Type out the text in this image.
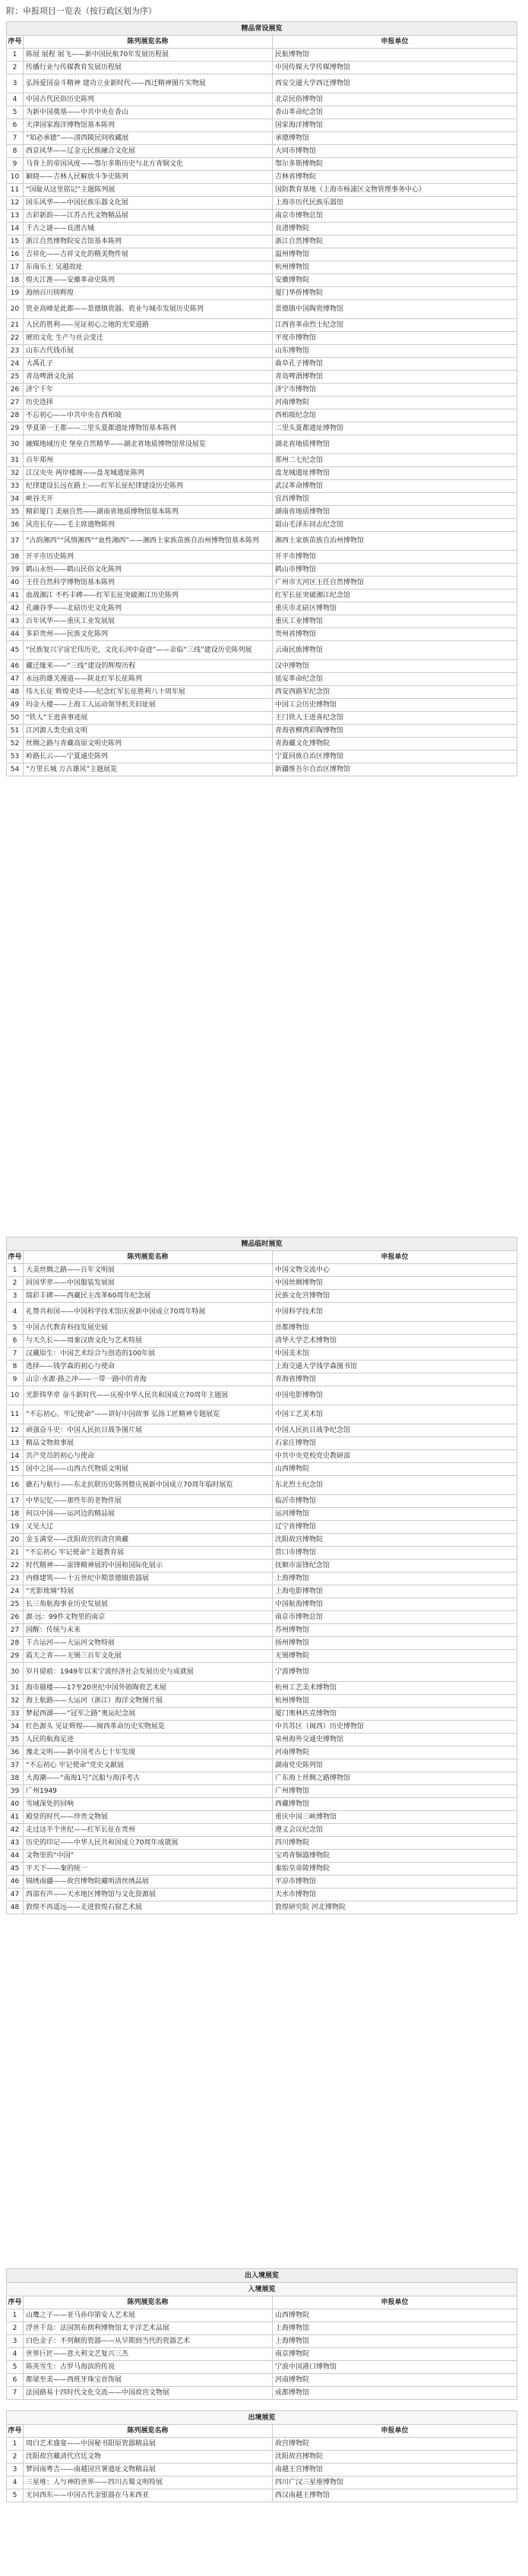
附：申报项目一览表（按行政区划为序）
精品常设展览		
序号	陈列展览名称	申报单位
1	陈展 展程 展飞——新中国民航70年发展历程展	民航博物馆
2	传播行业与传媒教育发展历程展	中国传媒大学传媒博物馆
3	弘扬爱国奋斗精神 建功立业新时代——西迁精神图片实物展	西安交通大学西迁博物馆
4	中国古代民俗历史陈列	北京民俗博物馆
5	为新中国奠基——中共中央在香山	香山革命纪念馆
6	天津国家海洋博物馆基本陈列	国家海洋博物馆
7	“知必承德”——清西陵民间收藏展	承德博物馆
8	西京风华——辽金元民族融合文化展	大同市博物馆
9	马背上的帝国风度——鄂尔多斯历史与北方青铜文化	鄂尔多斯博物院
10	颖晓——吉林人民解放斗争史陈列	吉林省博物院
11	“国耻从这里铭记”主题陈列展	国防教育基地（上海市杨浦区文物管理事务中心）
12	国乐风华——中国民族乐器文化展	上海市历代民族乐器馆
13	古彩新韵——江苏古代文物精品展	南京市博物总馆
14	千古之谜——良渚古城	良渚博物院
15	浙江自然博物院安吉馆基本陈列	浙江自然博物院
16	吉祥化——吉祥文化的精美物件展	温州博物馆
17	东南乐土 吴越故址	杭州博物馆
18	煌火江淮——安徽革命史陈列	安徽博物院
19	海纳百川铸辉煌	厦门华侨博物院
20	瓷业高峰是此都——景德镇瓷器、瓷业与城市发展历史陈列	景德镇中国陶瓷博物馆
21	人民的胜利——见证初心之地的光荣道路	江西省革命烈士纪念馆
22	琥珀文化 生产与社会变迁	平度市博物馆
23	山东古代钱币展	山东博物馆
24	大禹孔子	曲阜孔子博物馆
25	青岛啤酒文化展	青岛啤酒博物馆
26	济宁千年	济宁市博物馆
27	历史选择	河南博物院
28	不忘初心——中共中央在西柏坡	西柏坡纪念馆
29	华夏第一王都——二里头夏都遗址博物馆基本陈列	二里头夏都遗址博物馆
30	融媒地域历史 堡垒自然精华——湖北省地质博物馆常设展览	湖北省地质博物馆
31	百年郑州	郑州二七纪念馆
32	江汉央央 两岸楼阁——盘龙城遗址陈列	盘龙城遗址博物馆
33	纪律建设长远在路上——红军长征纪律建设历史陈列	武汉革命博物馆
34	峡谷天开	宜昌博物馆
35	精彩厦门 美丽自然——湖南省地质博物馆基本陈列	湖南省地质博物馆
36	风范长存——毛主席遗物陈列	韶山毛泽东同志纪念馆
37	“古韵湘西”“风情湘西”“血性湘西”——湘西土家族苗族自治州博物馆基本陈列	湘西土家族苗族自治州博物馆
38	开平市历史陈列	开平市博物馆
39	鹤山永恒——鹤山民俗文化陈列	鹤山市博物馆
40	王任自然科学博物馆基本陈列	广州市天河区王任自然博物馆
41	血战湘江 不朽丰碑——红军长征突破湘江历史陈列	红军长征突破湘江纪念馆
42	孔融谷季——北碚历史文化陈列	重庆市北碚区博物馆
43	百年风华——重庆工业发展展	重庆工业博物馆
44	多彩贵州——民族文化陈列	贵州省博物馆
45	“民族复兴宇宙宏伟历史，文化长河中奋进”——亲临“三线”建设历史陈列展	云南民族博物馆
46	藏迁缘来——“三线”建设的辉煌历程	汉中博物馆
47	永远的雄关漫道——陕北红军长征陈列	延安革命纪念馆
48	伟大长征 辉煌史诗——纪念红军长征胜利八十周年展	西安西路军纪念馆
49	玛金大楼——上海工人运动领导机关旧址展	中国工会历史博物馆
50	“铁人”王进喜事迹展	王门铁人王进喜纪念馆
51	江河源人类史前文明	青海省柳湾彩陶博物馆
52	丝绸之路与青藏高原文明史陈列	青海藏文化博物院
53	岭路长云——宁夏通史陈列	宁夏回族自治区博物馆
54	“万里长城 万古雄风”主题展览	新疆维吾尔自治区博物馆
精品临时展览		
序号	陈列展览名称	申报单位
1	大美丝绸之路——百年文明展	中国文物交流中心
2	回国华章——中国服装发展展	中国丝绸博物馆
3	瑞彩丰碑——西藏民主改革60周年纪念展	民族文化宫博物馆
4	礼赞共和国——中国科学技术馆庆祝新中国成立70周年特展	中国科学技术馆
5	中国古代教育科技发展史展	首都博物馆
6	与天久长——周秦汉唐文化与艺术特展	清华大学艺术博物馆
7	汉藏原生：中国艺术综合与创造的100年展	中国美术馆
8	选择——钱学森的初心与使命	上海交通大学钱学森图书馆
9	山宗·水源·路之冲——一带一路中的青海	青海省博物馆
10	光影铸华章 奋斗新时代——庆祝中华人民共和国成立70周年主题展	中国电影博物馆
11	“不忘初心，牢记使命”——讲好中国故事 弘扬工匠精神专题展览	中国工艺美术馆
12	顽强奋斗史：中国人民抗日战争图片展	中国人民抗日战争纪念馆
13	精品文物故事展	石家庄博物馆
14	共产党员的初心与使命	中共中央党校党史教研部
15	国中之国——山西古代物质文明展	山西博物院
16	礁石与航行——东北抗联历史陈列暨庆祝新中国成立70周年临时展览	东北烈士纪念馆
17	中华记忆——那些年的老物件展	临沂市博物馆
18	何以中国——运河边的精品展	运河博物馆
19	又见大辽	辽宁省博物馆
20	金玉满堂——沈阳故宫的清宫典藏	沈阳故宫博物院
21	“不忘初心 牢记使命”主题教育展	营口市博物馆
22	时代精神——雷锋精神展的中国和国际化展示	抚顺市雷锋纪念馆
23	内修建筑——十五世纪中期景德镇瓷器展	上海博物馆
24	“光影琉璃”特展	上海电影博物馆
25	长三角航海事业历史发展展	中国航海博物馆
26	源·远：99件文物里的南京	南京市博物总馆
27	园醒：传统与未来	苏州博物馆
28	千古运河——大运河文物特展	扬州博物馆
29	霞天之青——无锡三百年文化展	无锡博物院
30	岁月留痕：1949年以来宁波经济社会发展历史与成就展	宁波博物馆
31	海市蜃楼——17至20世纪中国外销陶瓷艺术展	杭州工艺美术博物馆
32	海上航路——大运河（浙江）海洋文物图片展	杭州博物馆
33	梦起西湖——“冠军之路”奥运纪念展	厦门奥林匹克博物馆
34	红色源头 见证辉煌——闽西革命历史实物展览	中共苏区（闽西）历史博物馆
35	人民的航海足迹	泉州海外交通史博物馆
36	豫北文明——新中国考古七十年发现	河南博物院
37	“不忘初心 牢记使命”党史文献展	湖南党史陈列馆
38	大海潮——“南海1号”沉船与海洋考古	广东海上丝绸之路博物馆
39	广州1949	广州博物馆
40	雪域深处的回响	西藏博物馆
41	殿堂的时代——珍贵文物展	重庆中国三峡博物馆
42	走过这半个世纪——红军长征在贵州	遵义会议纪念馆
43	历史的印记——中华人民共和国成立70周年成就展	四川博物院
44	文物里的“中国”	宝鸡青铜器博物院
45	平天下——秦的统一	秦始皇帝陵博物院
46	锦绣南疆——故宫博物院藏明清丝绣品展	平凉市博物馆
47	西部有声——天水地区博物馆与文化资源展	天水市博物馆
48	敦煌不再遥远——走进敦煌石窟艺术展	敦煌研究院 河北博物院
出入境展览		
入境展览		
序号	陈列展览名称	申报单位
1	山鹰之子——亚马孙印第安人艺术展	山西博物院
2	浮世千岛：法国凯布朗利博物馆太平洋艺术品展	上海博物馆
3	白色金子：不列颠的瓷器——从早期到当代的瓷器艺术	上海博物馆
4	世界巨匠——意大利文艺复兴三杰	南京博物院
5	陈英雪生：古罗马海滨的传说	宁波中国港口博物馆
6	都梁至美——西班牙珠宝首饰展	河南博物院
7	法国路易十四时代文化交流——中国故宫文物展	成都博物馆

出境展览		
序号	陈列展览名称	申报单位
1	周白艺术盛宴——中国秘书阳原瓷器精品展	故宫博物院
2	沈阳故宫藏清代宫廷文物	沈阳故宫博物院
3	梦回南粤吉——南越国宫署遗址文物精品展	南越王宫博物馆
4	三星堆：人与神的世界——四川古蜀文明特展	四川广汉三星堆博物馆
5	无问西东——中国古代金银器在马来西亚	西汉南越王博物馆
